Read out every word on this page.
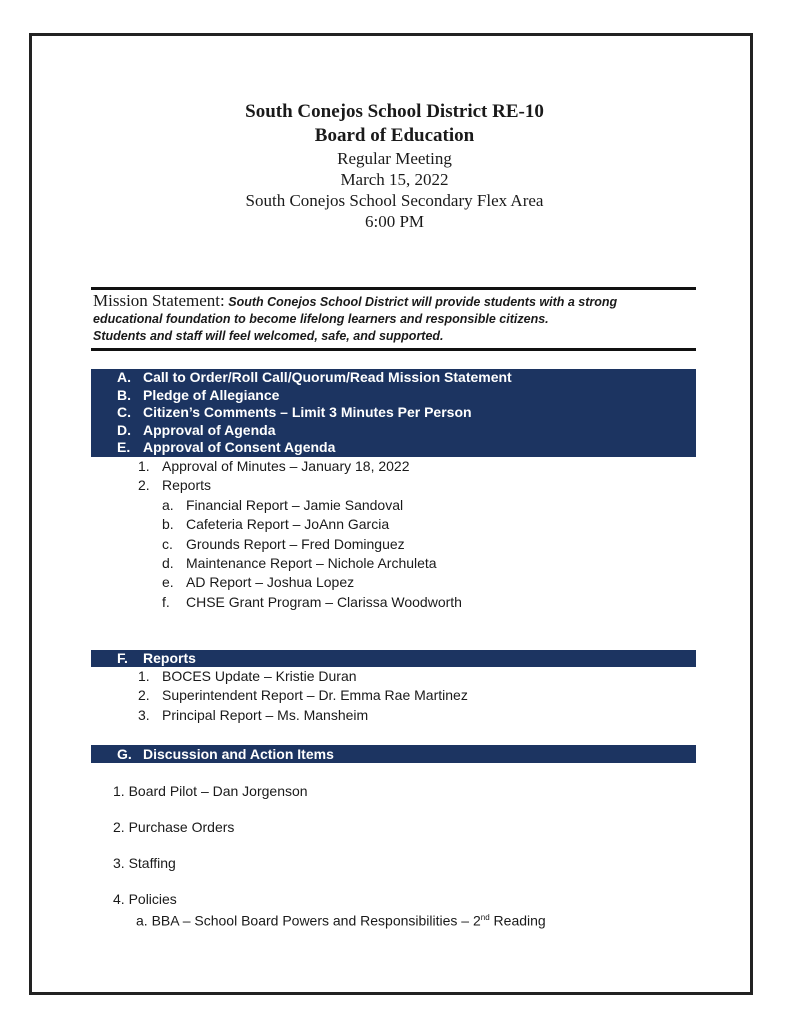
South Conejos School District RE-10
Board of Education
Regular Meeting
March 15, 2022
South Conejos School Secondary Flex Area
6:00 PM
Mission Statement: South Conejos School District will provide students with a strong
educational foundation to become lifelong learners and responsible citizens.
Students and staff will feel welcomed, safe, and supported.
A. Call to Order/Roll Call/Quorum/Read Mission Statement
B. Pledge of Allegiance
C. Citizen’s Comments – Limit 3 Minutes Per Person
D. Approval of Agenda
E. Approval of Consent Agenda
1. Approval of Minutes – January 18, 2022
2. Reports
a. Financial Report – Jamie Sandoval
b. Cafeteria Report – JoAnn Garcia
c. Grounds Report – Fred Dominguez
d. Maintenance Report – Nichole Archuleta
e. AD Report – Joshua Lopez
f. CHSE Grant Program – Clarissa Woodworth
F. Reports
1. BOCES Update – Kristie Duran
2. Superintendent Report – Dr. Emma Rae Martinez
3. Principal Report – Ms. Mansheim
G. Discussion and Action Items
1. Board Pilot – Dan Jorgenson
2. Purchase Orders
3. Staffing
4. Policies
a. BBA – School Board Powers and Responsibilities – 2nd Reading
